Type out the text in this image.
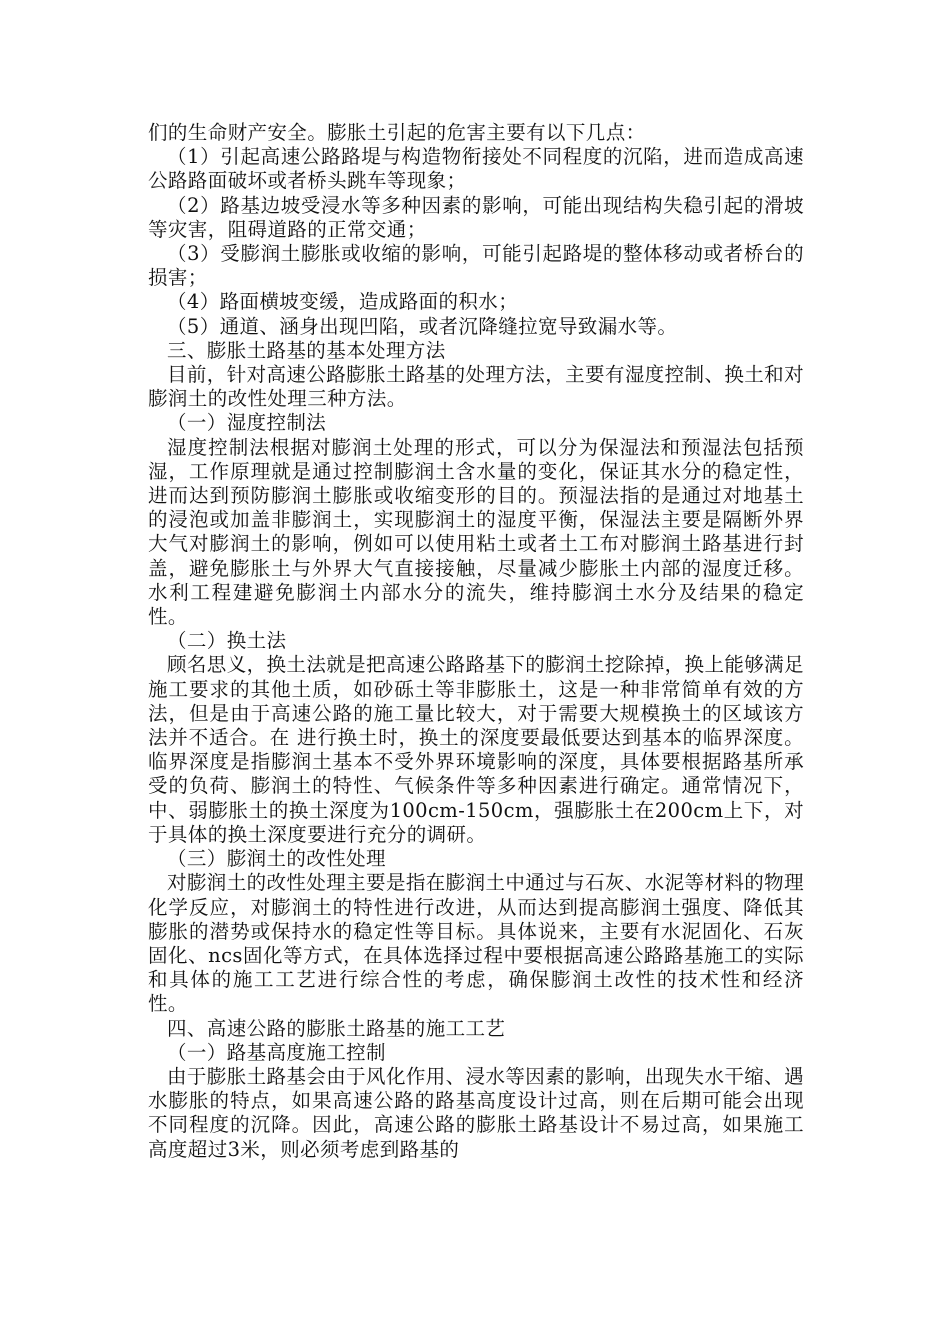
们的生命财产安全。膨胀土引起的危害主要有以下几点：

（1）引起高速公路路堤与构造物衔接处不同程度的沉陷，进而造成高速公路路面破坏或者桥头跳车等现象；

（2）路基边坡受浸水等多种因素的影响，可能出现结构失稳引起的滑坡等灾害，阻碍道路的正常交通；

（3）受膨润土膨胀或收缩的影响，可能引起路堤的整体移动或者桥台的损害；

（4）路面横坡变缓，造成路面的积水；

（5）通道、涵身出现凹陷，或者沉降缝拉宽导致漏水等。

三、膨胀土路基的基本处理方法

目前，针对高速公路膨胀土路基的处理方法，主要有湿度控制、换土和对膨润土的改性处理三种方法。

（一）湿度控制法

湿度控制法根据对膨润土处理的形式，可以分为保湿法和预湿法包括预湿，工作原理就是通过控制膨润土含水量的变化，保证其水分的稳定性，进而达到预防膨润土膨胀或收缩变形的目的。预湿法指的是通过对地基土的浸泡或加盖非膨润土，实现膨润土的湿度平衡，保湿法主要是隔断外界大气对膨润土的影响，例如可以使用粘土或者土工布对膨润土路基进行封盖，避免膨胀土与外界大气直接接触，尽量减少膨胀土内部的湿度迁移。水利工程建避免膨润土内部水分的流失，维持膨润土水分及结果的稳定性。

（二）换土法

顾名思义，换土法就是把高速公路路基下的膨润土挖除掉，换上能够满足施工要求的其他土质，如砂砾土等非膨胀土，这是一种非常简单有效的方法，但是由于高速公路的施工量比较大，对于需要大规模换土的区域该方法并不适合。在 进行换土时，换土的深度要最低要达到基本的临界深度。临界深度是指膨润土基本不受外界环境影响的深度，具体要根据路基所承受的负荷、膨润土的特性、气候条件等多种因素进行确定。通常情况下，中、弱膨胀土的换土深度为100cm-150cm，强膨胀土在200cm上下，对于具体的换土深度要进行充分的调研。

（三）膨润土的改性处理

对膨润土的改性处理主要是指在膨润土中通过与石灰、水泥等材料的物理化学反应，对膨润土的特性进行改进，从而达到提高膨润土强度、降低其膨胀的潜势或保持水的稳定性等目标。具体说来，主要有水泥固化、石灰固化、ncs固化等方式，在具体选择过程中要根据高速公路路基施工的实际和具体的施工工艺进行综合性的考虑，确保膨润土改性的技术性和经济性。

四、高速公路的膨胀土路基的施工工艺

（一）路基高度施工控制

由于膨胀土路基会由于风化作用、浸水等因素的影响，出现失水干缩、遇水膨胀的特点，如果高速公路的路基高度设计过高，则在后期可能会出现不同程度的沉降。因此，高速公路的膨胀土路基设计不易过高，如果施工高度超过3米，则必须考虑到路基的
